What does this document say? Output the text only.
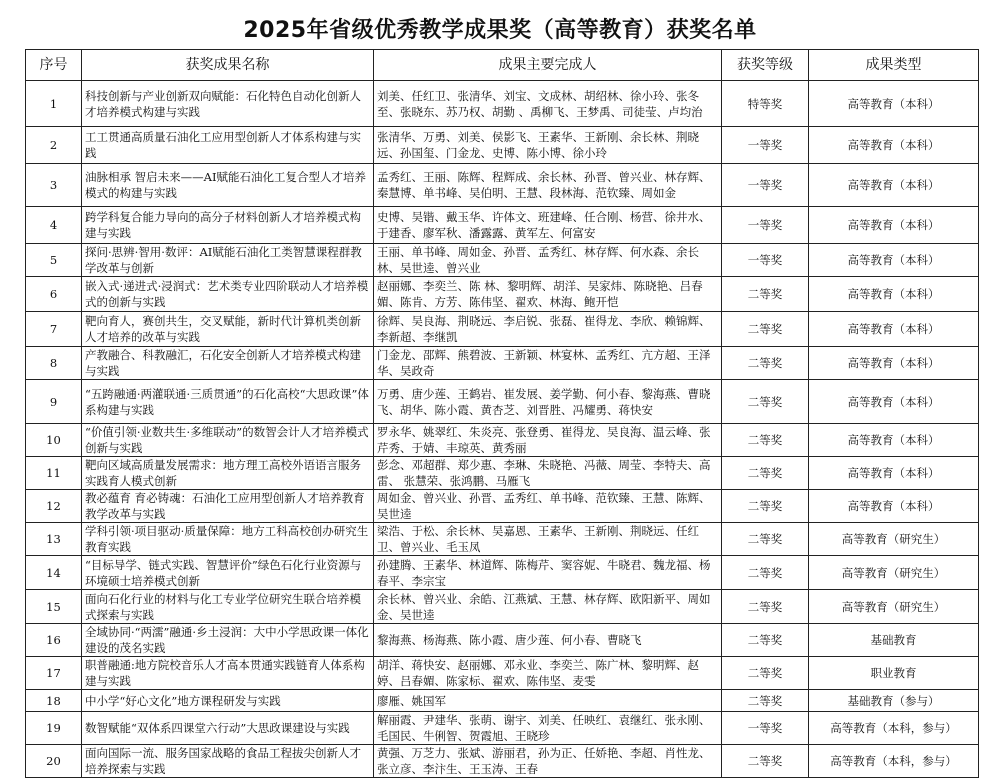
2025年省级优秀教学成果奖（高等教育）获奖名单
序号	获奖成果名称	成果主要完成人	获奖等级	成果类型
1	科技创新与产业创新双向赋能：石化特色自动化创新人才培养模式构建与实践	刘美、任红卫、张清华、刘宝、文成林、胡绍林、徐小玲、张冬至、张晓东、苏乃权、胡勤 、禹柳飞、王梦禹、司徒莹、卢均治	特等奖	高等教育（本科）
2	工工贯通高质量石油化工应用型创新人才体系构建与实践	张清华、万勇、刘美、侯影飞、王素华、王新刚、余长林、荆晓远、孙国玺、门金龙、史博、陈小博、徐小玲	一等奖	高等教育（本科）
3	油脉相承 智启未来——AI赋能石油化工复合型人才培养模式的构建与实践	孟秀红、王丽、陈辉、程辉成、余长林、孙晋、曾兴业、林存辉、秦慧博、单书峰、吴伯明、王慧、段林海、范钦臻、周如金	一等奖	高等教育（本科）
4	跨学科复合能力导向的高分子材料创新人才培养模式构建与实践	史博、吴锴、戴玉华、许体文、班建峰、任合刚、杨营、徐井水、于建香、廖军秋、潘露露、黄军左、何富安	一等奖	高等教育（本科）
5	探问·思辨·智用·数评：AI赋能石油化工类智慧课程群教学改革与创新	王丽、单书峰、周如金、孙晋、孟秀红、林存辉、何水森、余长林、吴世逵、曾兴业	一等奖	高等教育（本科）
6	嵌入式·递进式·浸润式：艺术类专业四阶联动人才培养模式的创新与实践	赵丽娜、李奕兰、陈 林、黎明辉、胡洋、吴家炜、陈晓艳、吕春媚、陈肯、方芳、陈伟坚、翟欢、林海、鲍开恺	二等奖	高等教育（本科）
7	靶向育人，赛创共生，交叉赋能，新时代计算机类创新人才培养的改革与实践	徐辉、吴良海、荆晓远、李启锐、张磊、崔得龙、李欣、赖锦辉、李新超、李继凯	二等奖	高等教育（本科）
8	产教融合、科教融汇，石化安全创新人才培养模式构建与实践	门金龙、邵辉、熊碧波、王新颖、林宴林、孟秀红、亢方超、王泽华、吴政奇	二等奖	高等教育（本科）
9	“五跨融通·两灌联通·三质贯通”的石化高校“大思政课”体系构建与实践	万勇、唐少莲、王鹤岩、崔发展、姜学勤、何小春、黎海燕、曹晓飞、胡华、陈小霞、黄杏芝、刘晋胜、冯耀勇、蒋快安	二等奖	高等教育（本科）
10	“价值引领·业数共生·多维联动”的数智会计人才培养模式创新与实践	罗永华、姚翠红、朱炎亮、张登勇、崔得龙、吴良海、温云峰、张芹秀、于婧、丰琼英、黄秀丽	二等奖	高等教育（本科）
11	靶向区域高质量发展需求：地方理工高校外语语言服务实践育人模式创新	彭念、邓超群、郑少惠、李琳、朱晓艳、冯薇、周莹、李特夫、高雷、 张慧荣、张鸿鹏、马雁飞	二等奖	高等教育（本科）
12	教必蕴育 育必铸魂：石油化工应用型创新人才培养教育教学改革与实践	周如金、曾兴业、孙晋、孟秀红、单书峰、范钦臻、王慧、陈辉、吴世逵	二等奖	高等教育（本科）
13	学科引领·项目驱动·质量保障：地方工科高校创办研究生教育实践	梁浩、于松、余长林、吴嘉恩、王素华、王新刚、荆晓远、任红卫、曾兴业、毛玉凤	二等奖	高等教育（研究生）
14	“目标导学、链式实践、智慧评价”绿色石化行业资源与环境硕士培养模式创新	孙建腾、王素华、林道辉、陈梅芹、窦容妮、牛晓君、魏龙福、杨春平、李宗宝	二等奖	高等教育（研究生）
15	面向石化行业的材料与化工专业学位研究生联合培养模式探索与实践	余长林、曾兴业、余皓、江燕斌、王慧、林存辉、欧阳新平、周如金、吴世逵	二等奖	高等教育（研究生）
16	全域协同·“两濡”融通·乡土浸润：大中小学思政课一体化建设的茂名实践	黎海燕、杨海燕、陈小霞、唐少莲、何小春、曹晓飞	二等奖	基础教育
17	职普融通:地方院校音乐人才高本贯通实践链育人体系构建与实践	胡洋、蒋快安、赵丽娜、邓永业、李奕兰、陈广林、黎明辉、赵婷、吕春媚、陈家标、翟欢、陈伟坚、麦雯	二等奖	职业教育
18	中小学“好心文化”地方课程研发与实践	廖雁、姚国军	二等奖	基础教育（参与）
19	数智赋能“双体系四课堂六行动”大思政课建设与实践	解丽霞、尹建华、张萌、谢宇、刘美、任映红、袁继红、张永刚、毛国民、牛俐智、贺霞旭、王晓珍	一等奖	高等教育（本科，参与）
20	面向国际一流、服务国家战略的食品工程拔尖创新人才培养探索与实践	黄强、万芝力、张斌、游丽君，孙为正、任娇艳、李超、肖性龙、张立彦、李汴生、王玉涛、王春	二等奖	高等教育（本科，参与）
